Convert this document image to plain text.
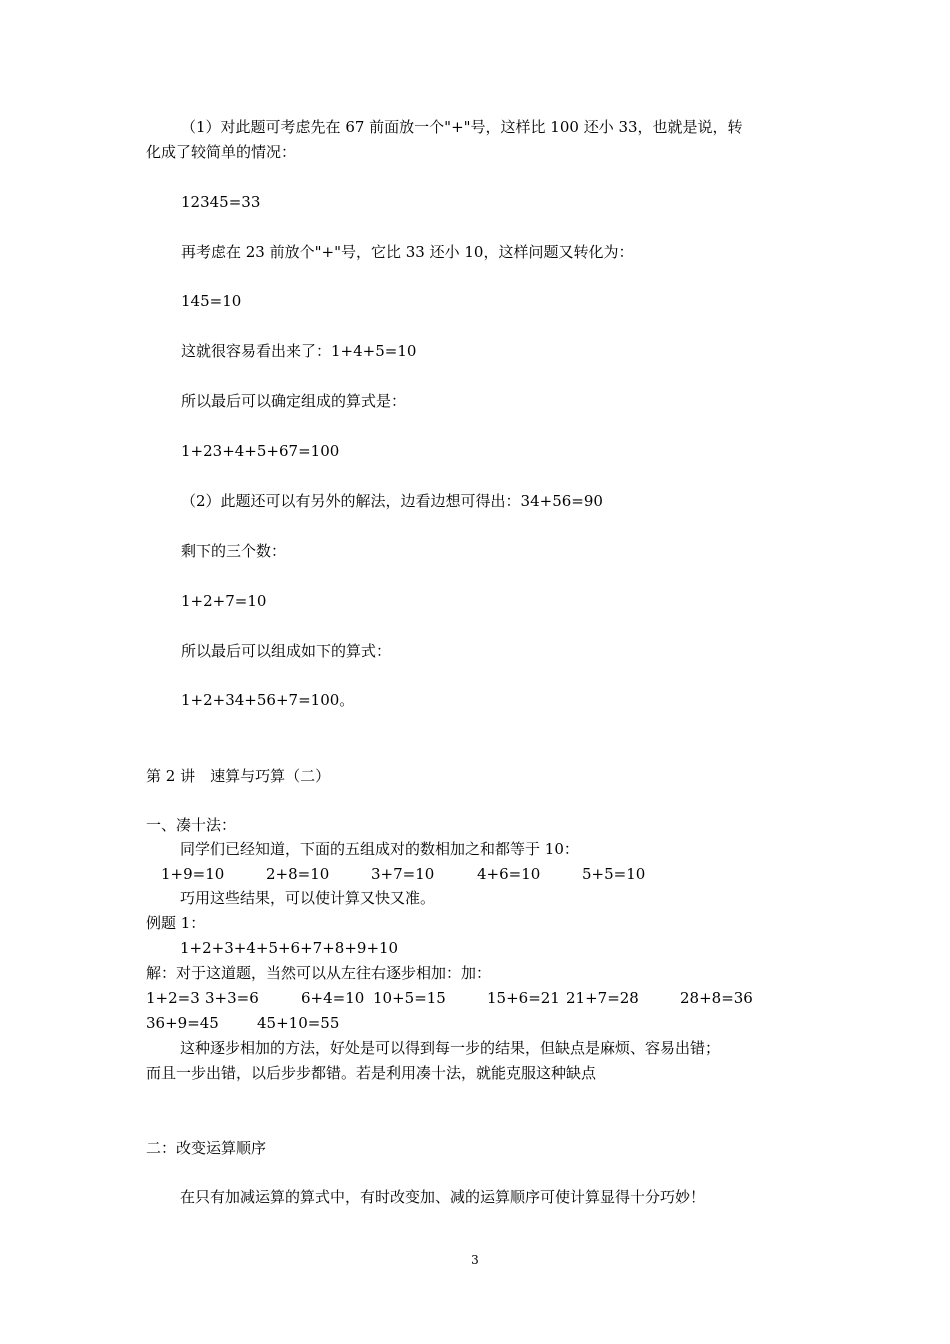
（1）对此题可考虑先在 67 前面放一个"+"号，这样比 100 还小 33，也就是说，转
化成了较简单的情况：
12345=33
再考虑在 23 前放个"+"号，它比 33 还小 10，这样问题又转化为：
145=10
这就很容易看出来了：1+4+5=10
所以最后可以确定组成的算式是：
1+23+4+5+67=100
（2）此题还可以有另外的解法，边看边想可得出：34+56=90
剩下的三个数：
1+2+7=10
所以最后可以组成如下的算式：
1+2+34+56+7=100。
第 2 讲　速算与巧算（二）
一、凑十法：
同学们已经知道，下面的五组成对的数相加之和都等于 10：
1+9=10	2+8=10	3+7=10	4+6=10	5+5=10
巧用这些结果，可以使计算又快又准。
例题 1：
1+2+3+4+5+6+7+8+9+10
解：对于这道题，当然可以从左往右逐步相加：加：
1+2=3 3+3=6	6+4=10 10+5=15	15+6=21 21+7=28	28+8=36
36+9=45	45+10=55
这种逐步相加的方法，好处是可以得到每一步的结果，但缺点是麻烦、容易出错；
而且一步出错，以后步步都错。若是利用凑十法，就能克服这种缺点
二：改变运算顺序
在只有加减运算的算式中，有时改变加、减的运算顺序可使计算显得十分巧妙！
3
